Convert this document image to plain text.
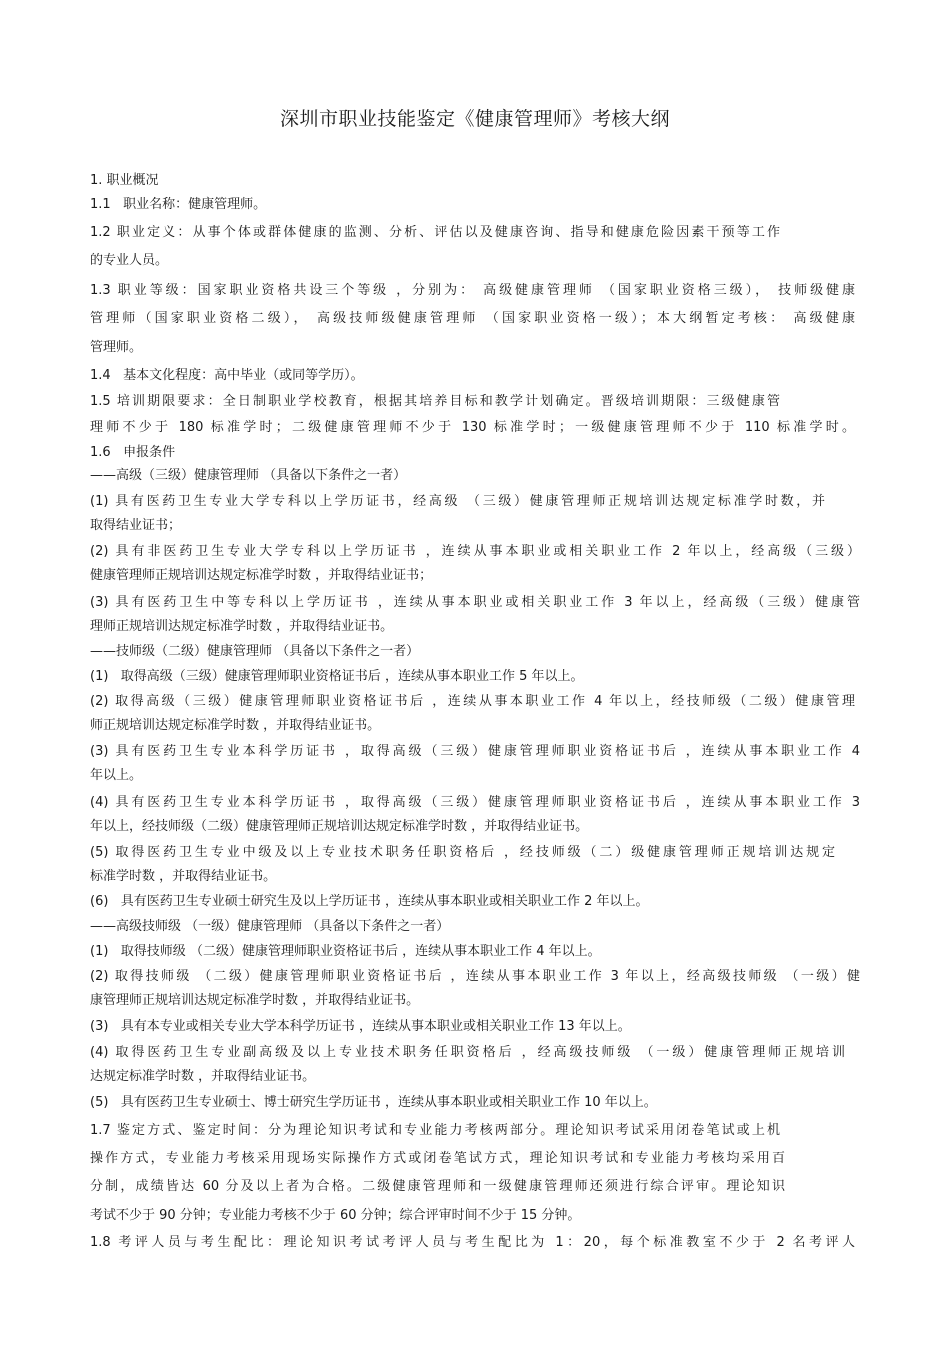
深圳市职业技能鉴定《健康管理师》考核大纲
1. 职业概况
1.1   职业名称：健康管理师。
1.2 职业定义：从事个体或群体健康的监测、分析、评估以及健康咨询、指导和健康危险因素干预等工作
的专业人员。
1.3 职业等级：国家职业资格共设三个等级 ，分别为： 高级健康管理师 （国家职业资格三级）， 技师级健康
管理师（国家职业资格二级）， 高级技师级健康管理师 （国家职业资格一级）；本大纲暂定考核： 高级健康
管理师。
1.4   基本文化程度：高中毕业（或同等学历）。
1.5 培训期限要求：全日制职业学校教育，根据其培养目标和教学计划确定。晋级培训期限：三级健康管
理师不少于 180 标准学时；二级健康管理师不少于 130 标准学时；一级健康管理师不少于 110 标准学时。
1.6   申报条件
——高级（三级）健康管理师 （具备以下条件之一者）
(1) 具有医药卫生专业大学专科以上学历证书，经高级 （三级）健康管理师正规培训达规定标准学时数，并
取得结业证书；
(2) 具有非医药卫生专业大学专科以上学历证书 ，连续从事本职业或相关职业工作 2 年以上，经高级（三级）
健康管理师正规培训达规定标准学时数 ，并取得结业证书；
(3) 具有医药卫生中等专科以上学历证书 ，连续从事本职业或相关职业工作 3 年以上，经高级（三级）健康管
理师正规培训达规定标准学时数 ，并取得结业证书。
——技师级（二级）健康管理师 （具备以下条件之一者）
(1)   取得高级（三级）健康管理师职业资格证书后 ，连续从事本职业工作 5 年以上。
(2) 取得高级（三级）健康管理师职业资格证书后 ，连续从事本职业工作 4 年以上，经技师级（二级）健康管理
师正规培训达规定标准学时数 ，并取得结业证书。
(3) 具有医药卫生专业本科学历证书 ，取得高级（三级）健康管理师职业资格证书后 ，连续从事本职业工作 4
年以上。
(4) 具有医药卫生专业本科学历证书 ，取得高级（三级）健康管理师职业资格证书后 ，连续从事本职业工作 3
年以上，经技师级（二级）健康管理师正规培训达规定标准学时数 ，并取得结业证书。
(5) 取得医药卫生专业中级及以上专业技术职务任职资格后 ，经技师级（二）级健康管理师正规培训达规定
标准学时数 ，并取得结业证书。
(6)   具有医药卫生专业硕士研究生及以上学历证书 ，连续从事本职业或相关职业工作 2 年以上。
——高级技师级 （一级）健康管理师 （具备以下条件之一者）
(1)   取得技师级 （二级）健康管理师职业资格证书后 ，连续从事本职业工作 4 年以上。
(2) 取得技师级 （二级）健康管理师职业资格证书后 ，连续从事本职业工作 3 年以上，经高级技师级 （一级）健
康管理师正规培训达规定标准学时数 ，并取得结业证书。
(3)   具有本专业或相关专业大学本科学历证书 ，连续从事本职业或相关职业工作 13 年以上。
(4) 取得医药卫生专业副高级及以上专业技术职务任职资格后 ，经高级技师级 （一级）健康管理师正规培训
达规定标准学时数 ，并取得结业证书。
(5)   具有医药卫生专业硕士、博士研究生学历证书 ，连续从事本职业或相关职业工作 10 年以上。
1.7 鉴定方式、鉴定时间：分为理论知识考试和专业能力考核两部分。理论知识考试采用闭卷笔试或上机
操作方式，专业能力考核采用现场实际操作方式或闭卷笔试方式，理论知识考试和专业能力考核均采用百
分制，成绩皆达 60 分及以上者为合格。二级健康管理师和一级健康管理师还须进行综合评审。理论知识
考试不少于 90 分钟；专业能力考核不少于 60 分钟；综合评审时间不少于 15 分钟。
1.8 考评人员与考生配比：理论知识考试考评人员与考生配比为 1：20，每个标准教室不少于 2 名考评人
